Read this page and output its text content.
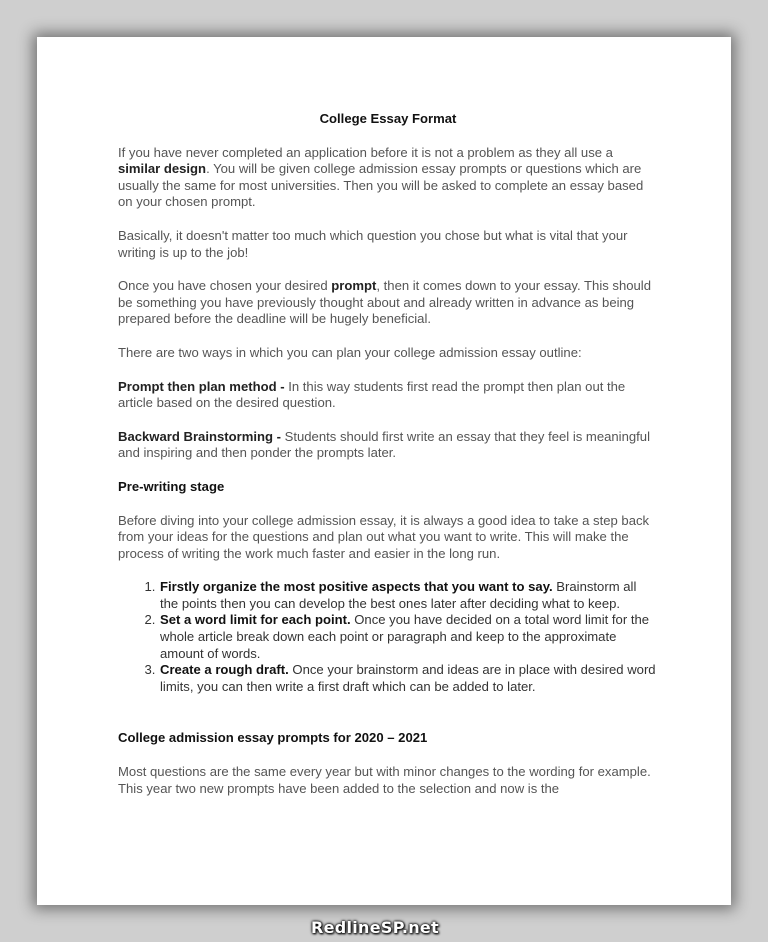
College Essay Format

If you have never completed an application before it is not a problem as they all use a similar design. You will be given college admission essay prompts or questions which are usually the same for most universities. Then you will be asked to complete an essay based on your chosen prompt.

Basically, it doesn't matter too much which question you chose but what is vital that your writing is up to the job!

Once you have chosen your desired prompt, then it comes down to your essay. This should be something you have previously thought about and already written in advance as being prepared before the deadline will be hugely beneficial.

There are two ways in which you can plan your college admission essay outline:

Prompt then plan method - In this way students first read the prompt then plan out the article based on the desired question.

Backward Brainstorming - Students should first write an essay that they feel is meaningful and inspiring and then ponder the prompts later.

Pre-writing stage

Before diving into your college admission essay, it is always a good idea to take a step back from your ideas for the questions and plan out what you want to write. This will make the process of writing the work much faster and easier in the long run.

1. Firstly organize the most positive aspects that you want to say. Brainstorm all the points then you can develop the best ones later after deciding what to keep.
2. Set a word limit for each point. Once you have decided on a total word limit for the whole article break down each point or paragraph and keep to the approximate amount of words.
3. Create a rough draft. Once your brainstorm and ideas are in place with desired word limits, you can then write a first draft which can be added to later.
College admission essay prompts for 2020 – 2021

Most questions are the same every year but with minor changes to the wording for example. This year two new prompts have been added to the selection and now is the

RedlineSP.net
